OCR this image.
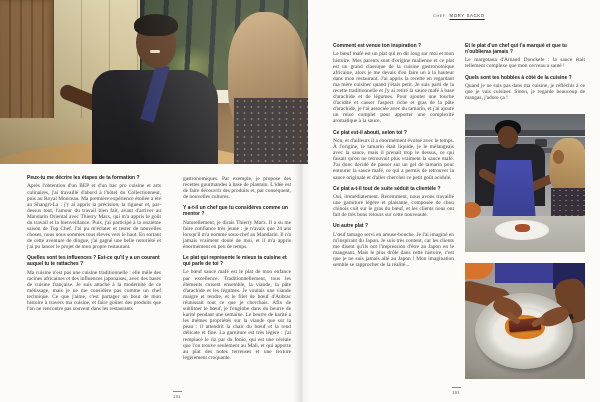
Peux-tu me décrire les étapes de ta formation ?

Après l'obtention d'un BEP et d'un bac pro cuisine et arts culinaires, j'ai travaillé d'abord à l'hôtel du Collectionneur, puis au Royal Monceau. Ma première expérience étoilée a été au Shangri-La : j'y ai appris la précision, la rigueur et, par-dessus tout, l'amour du travail bien fait, avant d'arriver au Mandarin Oriental avec Thierry Marx, qui m'a appris le goût du travail et la bienveillance. Puis, j'ai participé à la onzième saison de Top Chef. J'ai pu m'éclater et tester de nouvelles choses, nous nous sommes tous élevés vers le haut. En sortant de cette aventure de dingue, j'ai gagné une belle notoriété et j'ai pu lancer le projet de mon propre restaurant.

Quelles sont tes influences ? Est-ce qu'il y a un courant auquel tu te rattaches ?

Ma cuisine n'est pas une cuisine traditionnelle : elle mêle des racines africaines et des influences japonaises, avec des bases de cuisine française. Je suis attaché à la modernité de ce métissage, mais je ne me considère pas comme un chef technique. Ce que j'aime, c'est partager un bout de mon histoire à travers ma cuisine, et faire goûter des produits que l'on ne rencontre pas souvent dans les restaurants

gastronomiques. Par exemple, je propose des recettes gourmandes à base de plantain. L'idée est de faire découvrir des produits et, par conséquent, de nouvelles cultures.

Y a-t-il un chef que tu considères comme un mentor ?

Naturellement, je dirais Thierry Marx. Il a su me faire confiance très jeune : je n'avais que 24 ans lorsqu'il m'a nommé sous-chef au Mandarin. Il n'a jamais vraiment douté de moi, et il m'a appris énormément en peu de temps.

Le plat qui représente le mieux ta cuisine et qui parle de toi ?

Le bœuf sauce mafé est le plat de mon enfance par excellence. Traditionnellement, tous les éléments cuisent ensemble, la viande, la pâte d'arachide et les légumes. Je voulais une viande maigre et tendre, et le filet de bœuf d'Aubrac réunissait tout ce que je cherchais. Afin de sublimer le bœuf, je l'englobe dans du beurre de karité pendant une semaine. Le beurre de karité a les mêmes propriétés sur la viande que sur la peau : il attendrit la chair du bœuf et la rend délicate et fine. La garniture est très légère : j'ai remplacé le riz par du fonio, qui est une céréale que l'on trouve seulement au Mali, et qui apporte au plat des notes terreuses et une texture légèrement croquante.

202
CHEF MORY SACKO
Comment est venue ton inspiration ?

Le bœuf mafé est un plat qui en dit long sur moi et mon histoire. Mes parents sont d'origine malienne et ce plat est un grand classique de la cuisine gastronomique africaine, alors je me devais d'en faire un à la hauteur dans mon restaurant. J'ai appris la recette en regardant ma mère cuisiner quand j'étais petit. Je suis parti de la recette traditionnelle et j'y ai retiré la sauce mafé à base d'arachide et de légumes. Pour ajouter une touche d'acidité et casser l'aspect riche et gras de la pâte d'arachide, je l'ai associée avec du tamarin, et j'ai ajouté un miso complet pour apporter une complexité aromatique à la sauce.

Ce plat est-il abouti, selon toi ?

Non, et d'ailleurs il a énormément évolué avec le temps. À l'origine, le tamarin était liquide, je le mélangeais avec la sauce, mais il prenait trop le dessus, ce qui faisait qu'on ne retrouvait plus vraiment la sauce mafé. J'ai donc décidé de passer sur un gel de tamarin pour entourer la sauce mafé, ce qui a permis de retrouver la sauce originale et d'aller chercher ce petit goût acidulé.

Ce plat a-t-il tout de suite séduit ta clientèle ?

Oui, immédiatement. Récemment, nous avons travaillé une garniture légère et plaisante, composée de chou chinois cuit sur le gras du bœuf, et les clients nous ont fait de très bons retours sur cette nouveauté.

Un autre plat ?

L'œuf tamago servi en amuse-bouche. Je l'ai imaginé en m'inspirant du Japon. Je suis très content, car les clients me disent qu'ils ont l'impression d'être au Japon en le mangeant. Mais le plus drôle dans cette histoire, c'est que je ne suis jamais allé au Japon ! Mon imagination semble se rapprocher de la réalité...

Et le plat d'un chef qui t'a marqué et que tu n'oublieras jamais ?

Le margotana d'Arnaud Donckele : la sauce était tellement complexe que mon cerveau a sauté !

Quels sont tes hobbies à côté de la cuisine ?

Quand je ne suis pas dans ma cuisine, je réfléchis à ce que je vais cuisiner. Sinon, je regarde beaucoup de mangas, j'adore ça !

203
